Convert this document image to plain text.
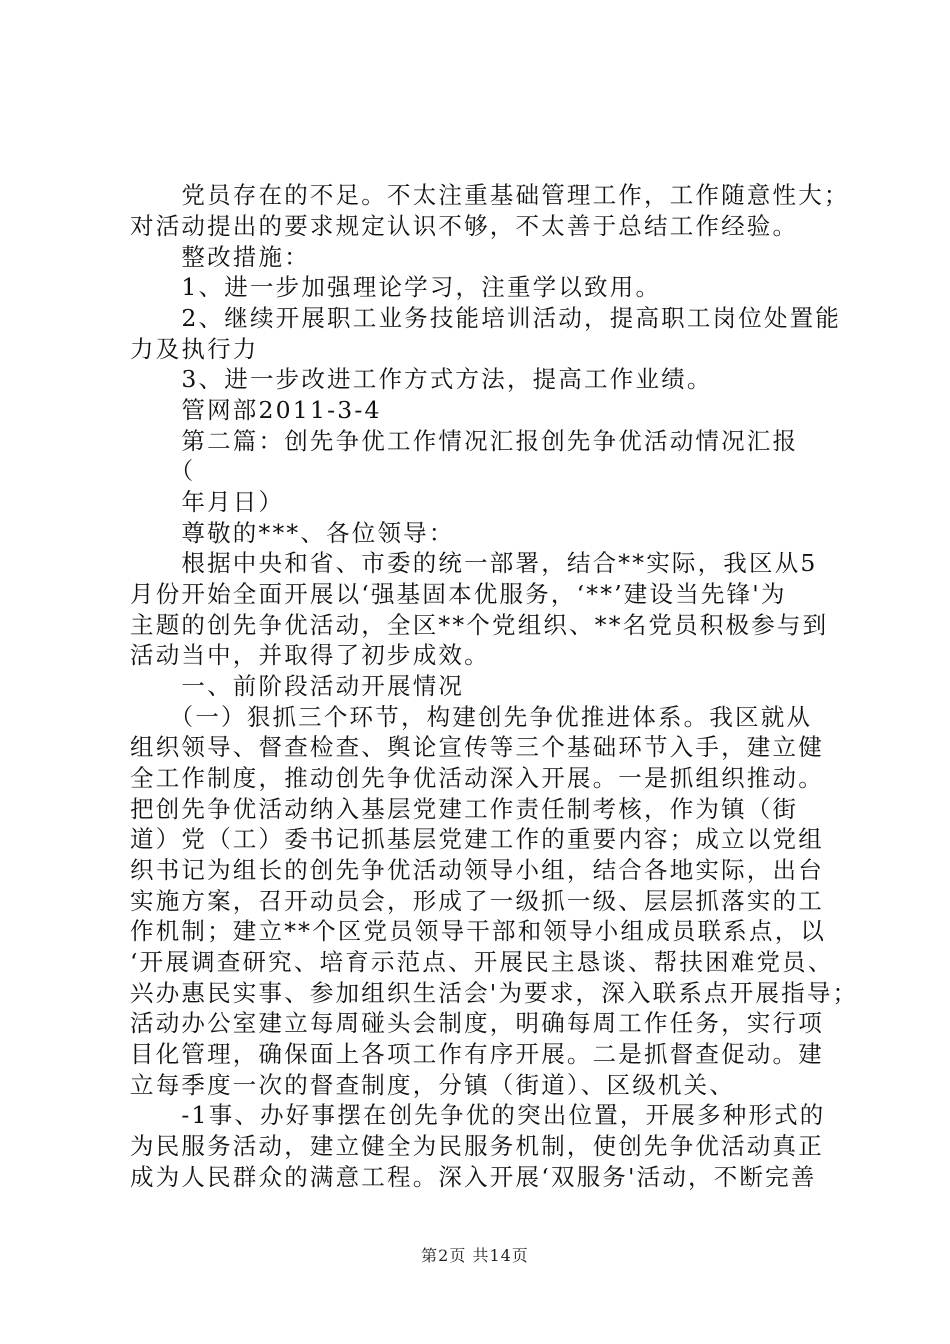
　　党员存在的不足。不太注重基础管理工作，工作随意性大；
对活动提出的要求规定认识不够，不太善于总结工作经验。
　　整改措施：
　　1、进一步加强理论学习，注重学以致用。
　　2、继续开展职工业务技能培训活动，提高职工岗位处置能
力及执行力
　　3、进一步改进工作方式方法，提高工作业绩。
　　管网部2011-3-4
　　第二篇：创先争优工作情况汇报创先争优活动情况汇报
　　（
　　年月日）
　　尊敬的***、各位领导：
　　根据中央和省、市委的统一部署，结合**实际，我区从5
月份开始全面开展以‘强基固本优服务，‘**’建设当先锋'为
主题的创先争优活动，全区**个党组织、**名党员积极参与到
活动当中，并取得了初步成效。
　　一、前阶段活动开展情况
　　（一）狠抓三个环节，构建创先争优推进体系。我区就从
组织领导、督查检查、舆论宣传等三个基础环节入手，建立健
全工作制度，推动创先争优活动深入开展。一是抓组织推动。
把创先争优活动纳入基层党建工作责任制考核，作为镇（街
道）党（工）委书记抓基层党建工作的重要内容；成立以党组
织书记为组长的创先争优活动领导小组，结合各地实际，出台
实施方案，召开动员会，形成了一级抓一级、层层抓落实的工
作机制；建立**个区党员领导干部和领导小组成员联系点，以
‘开展调查研究、培育示范点、开展民主恳谈、帮扶困难党员、
兴办惠民实事、参加组织生活会'为要求，深入联系点开展指导；
活动办公室建立每周碰头会制度，明确每周工作任务，实行项
目化管理，确保面上各项工作有序开展。二是抓督查促动。建
立每季度一次的督查制度，分镇（街道）、区级机关、
　　-1事、办好事摆在创先争优的突出位置，开展多种形式的
为民服务活动，建立健全为民服务机制，使创先争优活动真正
成为人民群众的满意工程。深入开展‘双服务'活动，不断完善
第2页 共14页
